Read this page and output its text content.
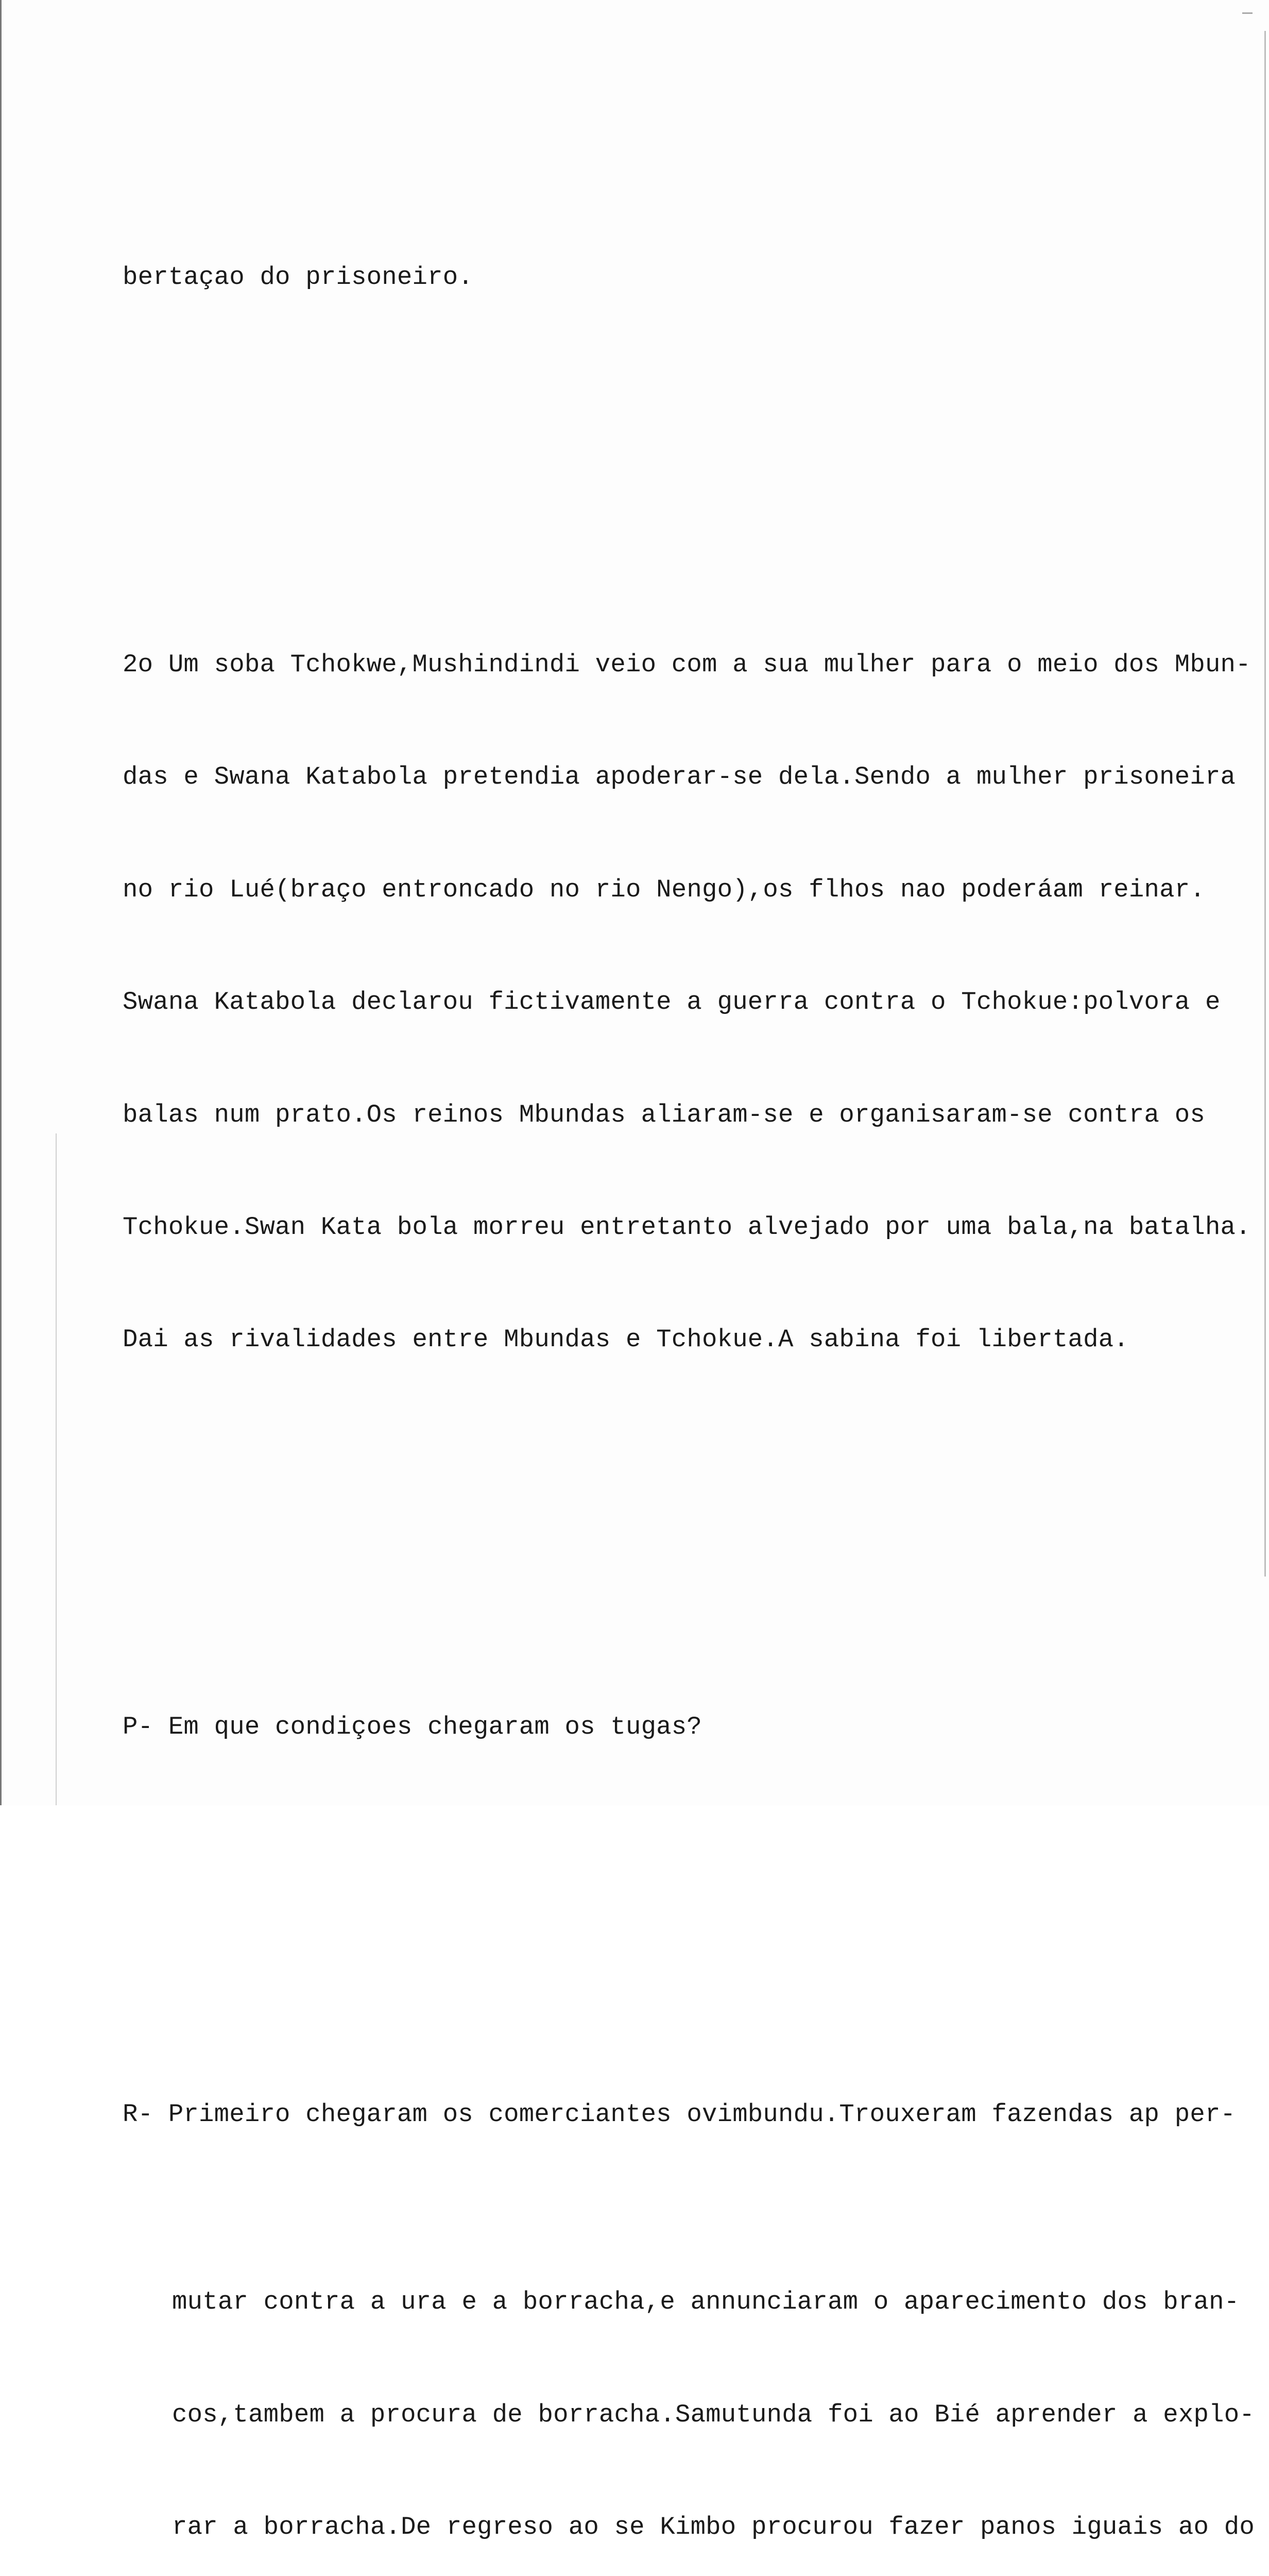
bertaçao do prisoneiro.

2o Um soba Tchokwe,Mushindindi veio com a sua mulher para o meio dos Mbun-

das e Swana Katabola pretendia apoderar-se dela.Sendo a mulher prisoneira

no rio Lué(braço entroncado no rio Nengo),os flhos nao poderáam reinar.

Swana Katabola declarou fictivamente a guerra contra o Tchokue:polvora e

balas num prato.Os reinos Mbundas aliaram-se e organisaram-se contra os

Tchokue.Swan Kata bola morreu entretanto alvejado por uma bala,na batalha.

Dai as rivalidades entre Mbundas e Tchokue.A sabina foi libertada.

P- Em que condiçoes chegaram os tugas?

R- Primeiro chegaram os comerciantes ovimbundu.Trouxeram fazendas ap per-

mutar contra a ura e a borracha,e annunciaram o aparecimento dos bran-

cos,tambem a procura de borracha.Samutunda foi ao Bié aprender a explo-

rar a borracha.De regreso ao se Kimbo procurou fazer panos iguais ao do
